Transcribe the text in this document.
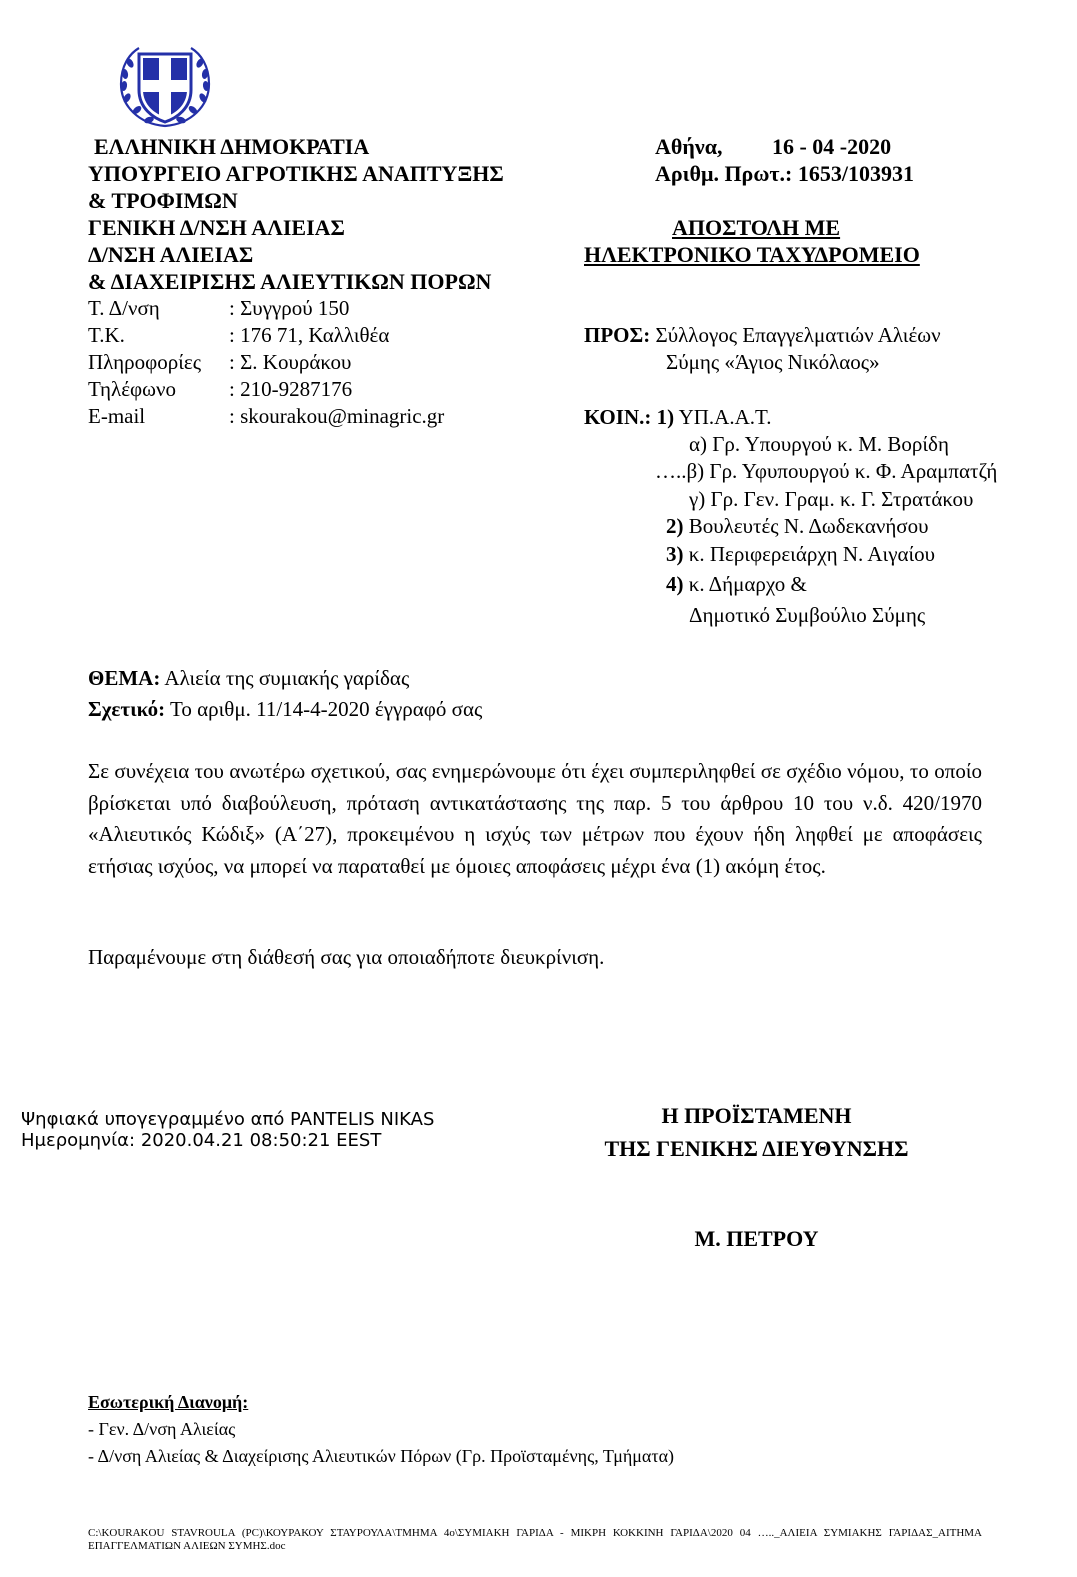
ΕΛΛΗΝΙΚΗ ΔΗΜΟΚΡΑΤΙΑ
ΥΠΟΥΡΓΕΙΟ ΑΓΡΟΤΙΚΗΣ ΑΝΑΠΤΥΞΗΣ
& ΤΡΟΦΙΜΩΝ
ΓΕΝΙΚΗ Δ/ΝΣΗ ΑΛΙΕΙΑΣ
Δ/ΝΣΗ ΑΛΙΕΙΑΣ
& ΔΙΑΧΕΙΡΙΣΗΣ ΑΛΙΕΥΤΙΚΩΝ ΠΟΡΩΝ
Τ. Δ/νση	: Συγγρού 150
Τ.Κ.	: 176 71, Καλλιθέα
Πληροφορίες	: Σ. Κουράκου
Τηλέφωνο	: 210-9287176
E-mail	: skourakou@minagric.gr
Αθήνα, 16 - 04 -2020
Αριθμ. Πρωτ.: 1653/103931
ΑΠΟΣΤΟΛΗ ΜΕ
ΗΛΕΚΤΡΟΝΙΚΟ ΤΑΧΥΔΡΟΜΕΙΟ
ΠΡΟΣ: Σύλλογος Επαγγελματιών Αλιέων
Σύμης «Άγιος Νικόλαος»
ΚΟΙΝ.: 1) ΥΠ.Α.Α.Τ.
α) Γρ. Υπουργού κ. Μ. Βορίδη
…..β) Γρ. Υφυπουργού κ. Φ. Αραμπατζή
γ) Γρ. Γεν. Γραμ. κ. Γ. Στρατάκου
2) Βουλευτές Ν. Δωδεκανήσου
3) κ. Περιφερειάρχη Ν. Αιγαίου
4) κ. Δήμαρχο &
Δημοτικό Συμβούλιο Σύμης
ΘΕΜΑ: Αλιεία της συμιακής γαρίδας
Σχετικό: Το αριθμ. 11/14-4-2020 έγγραφό σας
Σε συνέχεια του ανωτέρω σχετικού, σας ενημερώνουμε ότι έχει συμπεριληφθεί σε σχέδιο νόμου, το οποίο βρίσκεται υπό διαβούλευση, πρόταση αντικατάστασης της παρ. 5 του άρθρου 10 του ν.δ. 420/1970 «Αλιευτικός Κώδιξ» (Α΄27), προκειμένου η ισχύς των μέτρων που έχουν ήδη ληφθεί με αποφάσεις ετήσιας ισχύος, να μπορεί να παραταθεί με όμοιες αποφάσεις μέχρι ένα (1) ακόμη έτος.
Παραμένουμε στη διάθεσή σας για οποιαδήποτε διευκρίνιση.
Ψηφιακά υπογεγραμμένο από PANTELIS NIKAS
Ημερομηνία: 2020.04.21 08:50:21 EEST
Η ΠΡΟΪΣΤΑΜΕΝΗ
ΤΗΣ ΓΕΝΙΚΗΣ ΔΙΕΥΘΥΝΣΗΣ
Μ. ΠΕΤΡΟΥ
Εσωτερική Διανομή:
- Γεν. Δ/νση Αλιείας
- Δ/νση Αλιείας & Διαχείρισης Αλιευτικών Πόρων (Γρ. Προϊσταμένης, Τμήματα)
C:\KOURAKOU STAVROULA (PC)\ΚΟΥΡΑΚΟΥ ΣΤΑΥΡΟΥΛΑ\ΤΜΗΜΑ 4ο\ΣΥΜΙΑΚΗ ΓΑΡΙΔΑ - ΜΙΚΡΗ ΚΟΚΚΙΝΗ ΓΑΡΙΔΑ\2020 04 ….._ΑΛΙΕΙΑ ΣΥΜΙΑΚΗΣ ΓΑΡΙΔΑΣ_ΑΙΤΗΜΑ ΕΠΑΓΓΕΛΜΑΤΙΩΝ ΑΛΙΕΩΝ ΣΥΜΗΣ.doc
